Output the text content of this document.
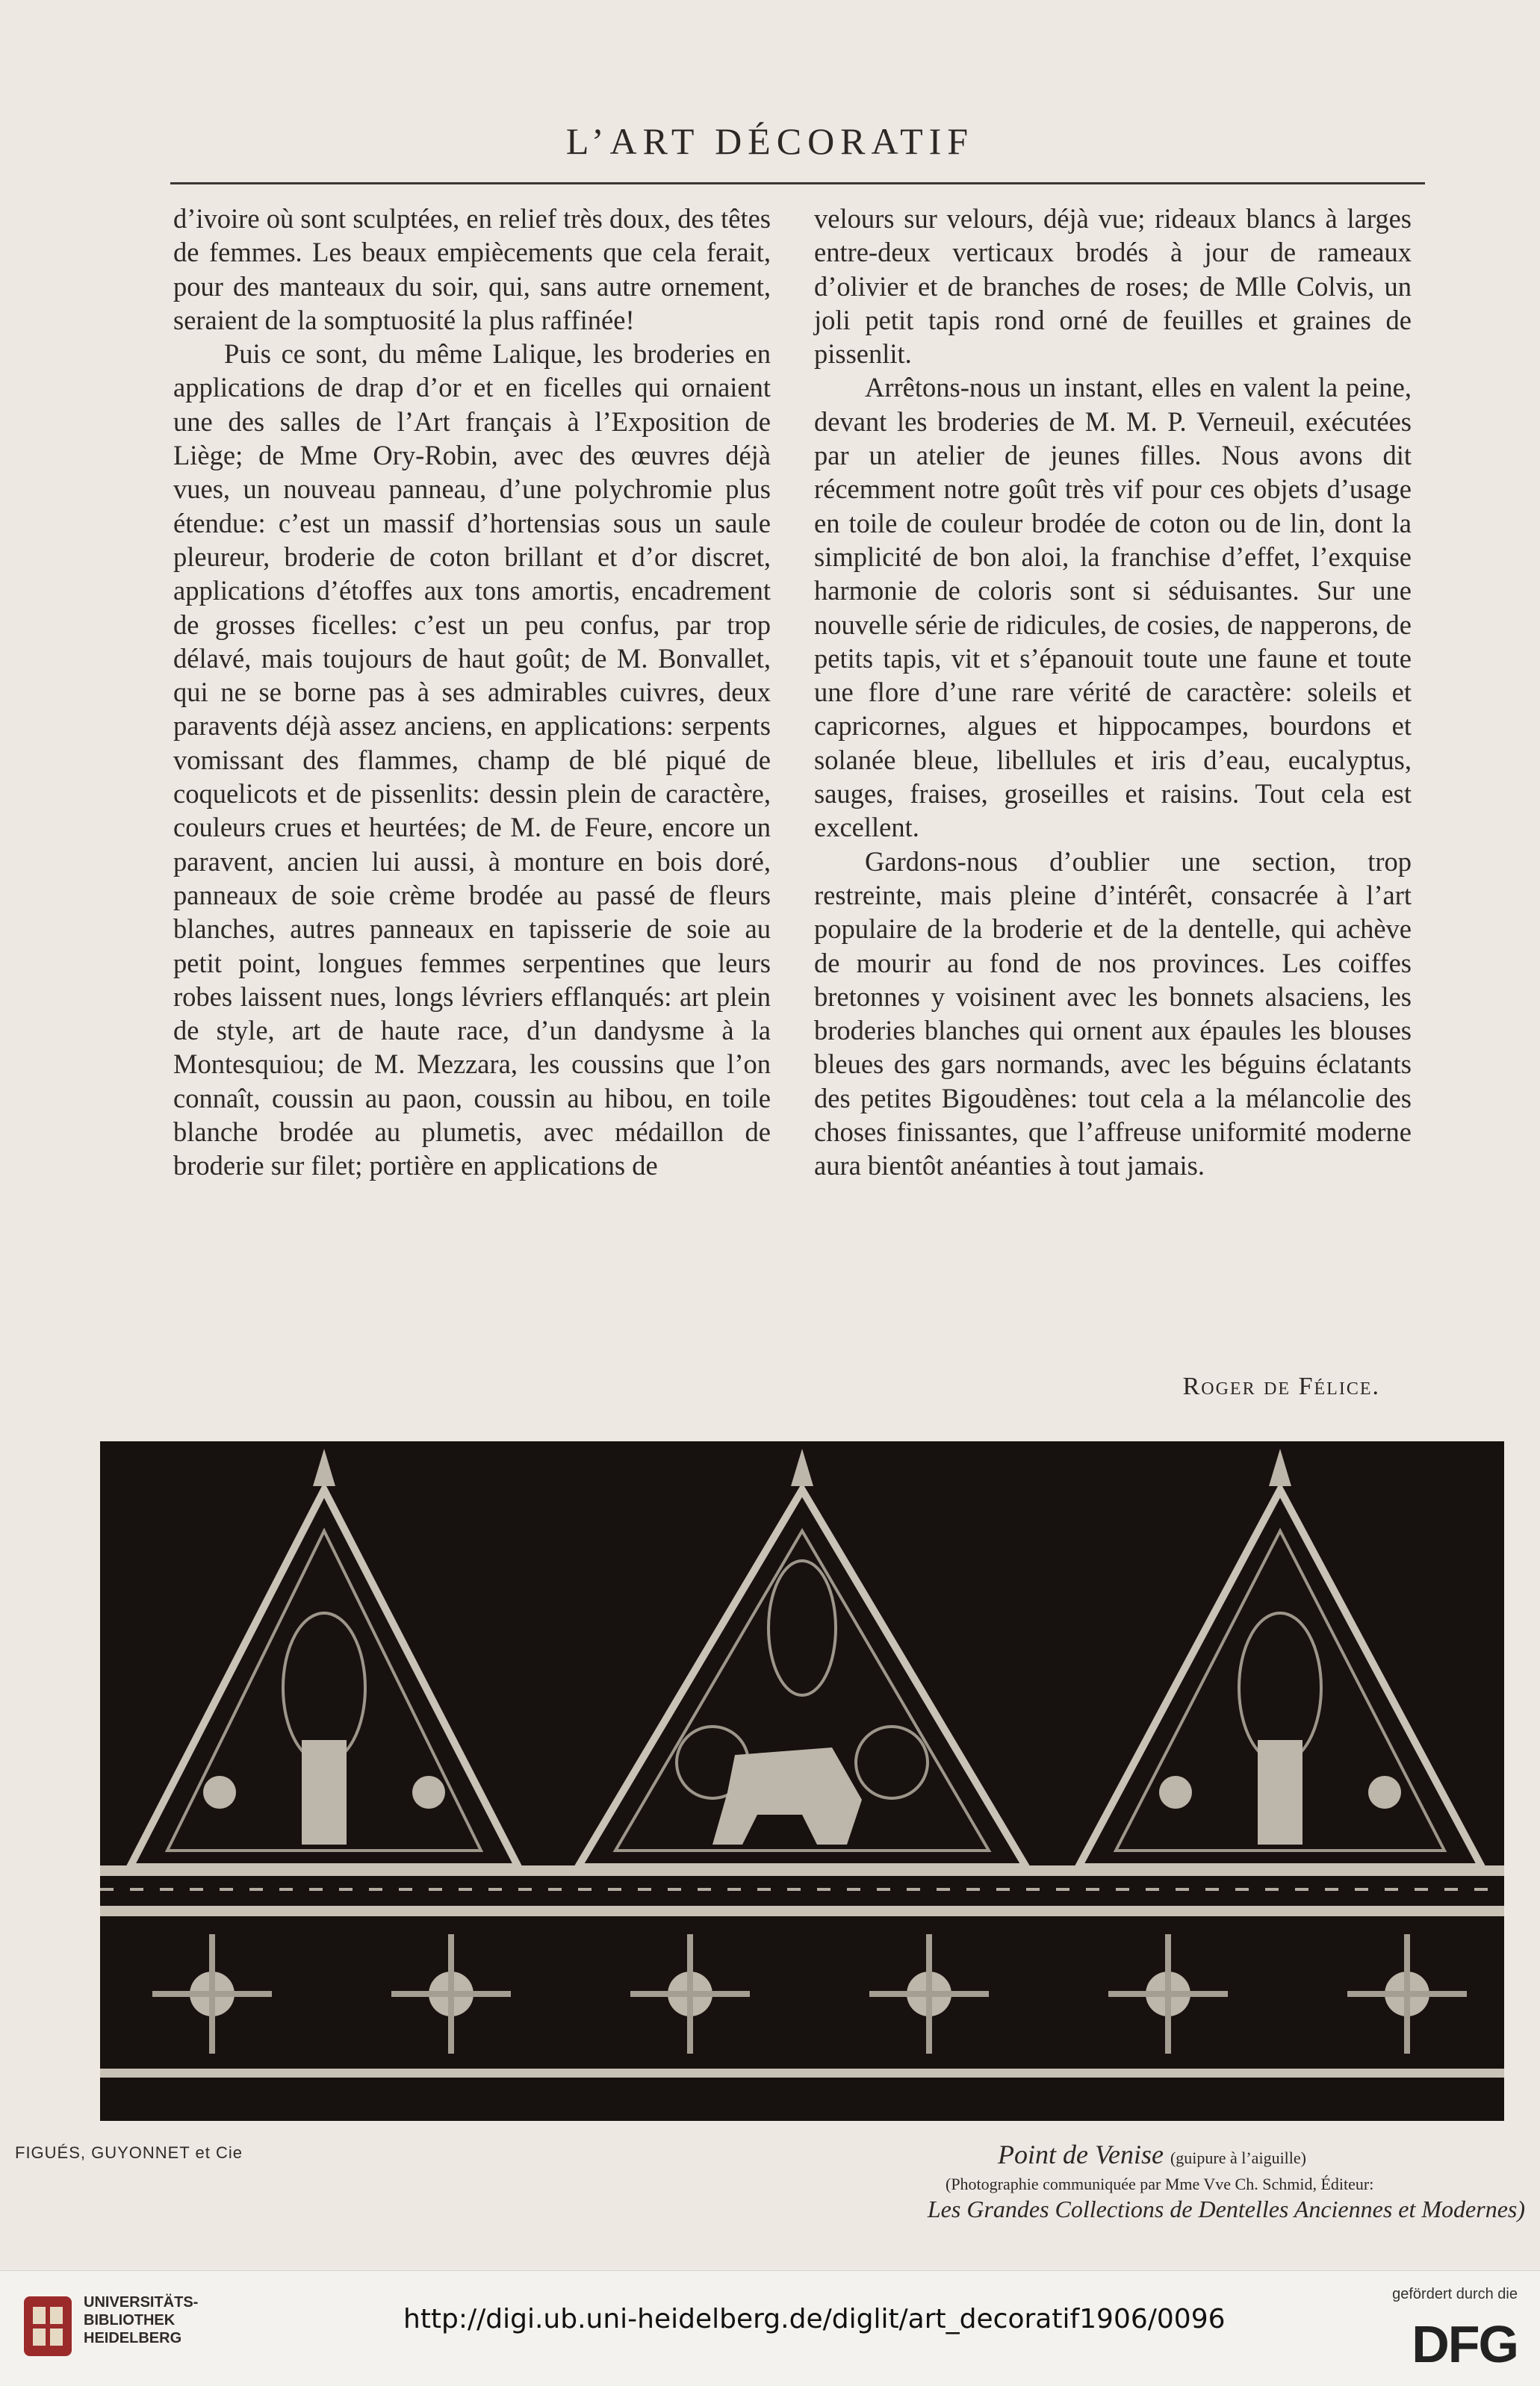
L’ART DÉCORATIF

d’ivoire où sont sculptées, en relief très doux, des têtes de femmes. Les beaux empiècements que cela ferait, pour des manteaux du soir, qui, sans autre ornement, seraient de la somptuosité la plus raffinée!

Puis ce sont, du même Lalique, les broderies en applications de drap d’or et en ficelles qui ornaient une des salles de l’Art français à l’Exposition de Liège; de Mme Ory-Robin, avec des œuvres déjà vues, un nouveau panneau, d’une polychromie plus étendue: c’est un massif d’hortensias sous un saule pleureur, broderie de coton brillant et d’or discret, applications d’étoffes aux tons amortis, encadrement de grosses ficelles: c’est un peu confus, par trop délavé, mais toujours de haut goût; de M. Bonvallet, qui ne se borne pas à ses admirables cuivres, deux paravents déjà assez anciens, en applications: serpents vomissant des flammes, champ de blé piqué de coquelicots et de pissenlits: dessin plein de caractère, couleurs crues et heurtées; de M. de Feure, encore un paravent, ancien lui aussi, à monture en bois doré, panneaux de soie crème brodée au passé de fleurs blanches, autres panneaux en tapisserie de soie au petit point, longues femmes serpentines que leurs robes laissent nues, longs lévriers efflanqués: art plein de style, art de haute race, d’un dandysme à la Montesquiou; de M. Mezzara, les coussins que l’on connaît, coussin au paon, coussin au hibou, en toile blanche brodée au plumetis, avec médaillon de broderie sur filet; portière en applications de

velours sur velours, déjà vue; rideaux blancs à larges entre-deux verticaux brodés à jour de rameaux d’olivier et de branches de roses; de Mlle Colvis, un joli petit tapis rond orné de feuilles et graines de pissenlit.

Arrêtons-nous un instant, elles en valent la peine, devant les broderies de M. M. P. Verneuil, exécutées par un atelier de jeunes filles. Nous avons dit récemment notre goût très vif pour ces objets d’usage en toile de couleur brodée de coton ou de lin, dont la simplicité de bon aloi, la franchise d’effet, l’exquise harmonie de coloris sont si séduisantes. Sur une nouvelle série de ridicules, de cosies, de napperons, de petits tapis, vit et s’épanouit toute une faune et toute une flore d’une rare vérité de caractère: soleils et capricornes, algues et hippocampes, bourdons et solanée bleue, libellules et iris d’eau, eucalyptus, sauges, fraises, groseilles et raisins. Tout cela est excellent.

Gardons-nous d’oublier une section, trop restreinte, mais pleine d’intérêt, consacrée à l’art populaire de la broderie et de la dentelle, qui achève de mourir au fond de nos provinces. Les coiffes bretonnes y voisinent avec les bonnets alsaciens, les broderies blanches qui ornent aux épaules les blouses bleues des gars normands, avec les béguins éclatants des petites Bigoudènes: tout cela a la mélancolie des choses finissantes, que l’affreuse uniformité moderne aura bientôt anéanties à tout jamais.

Roger de Félice.
FIGUÉS, GUYONNET et Cie	Point de Venise (guipure à l’aiguille)
(Photographie communiquée par Mme Vve Ch. Schmid, Éditeur:
Les Grandes Collections de Dentelles Anciennes et Modernes)
UNIVERSITÄTS-
BIBLIOTHEK
HEIDELBERG
http://digi.ub.uni-heidelberg.de/diglit/art_decoratif1906/0096
gefördert durch die
DFG
